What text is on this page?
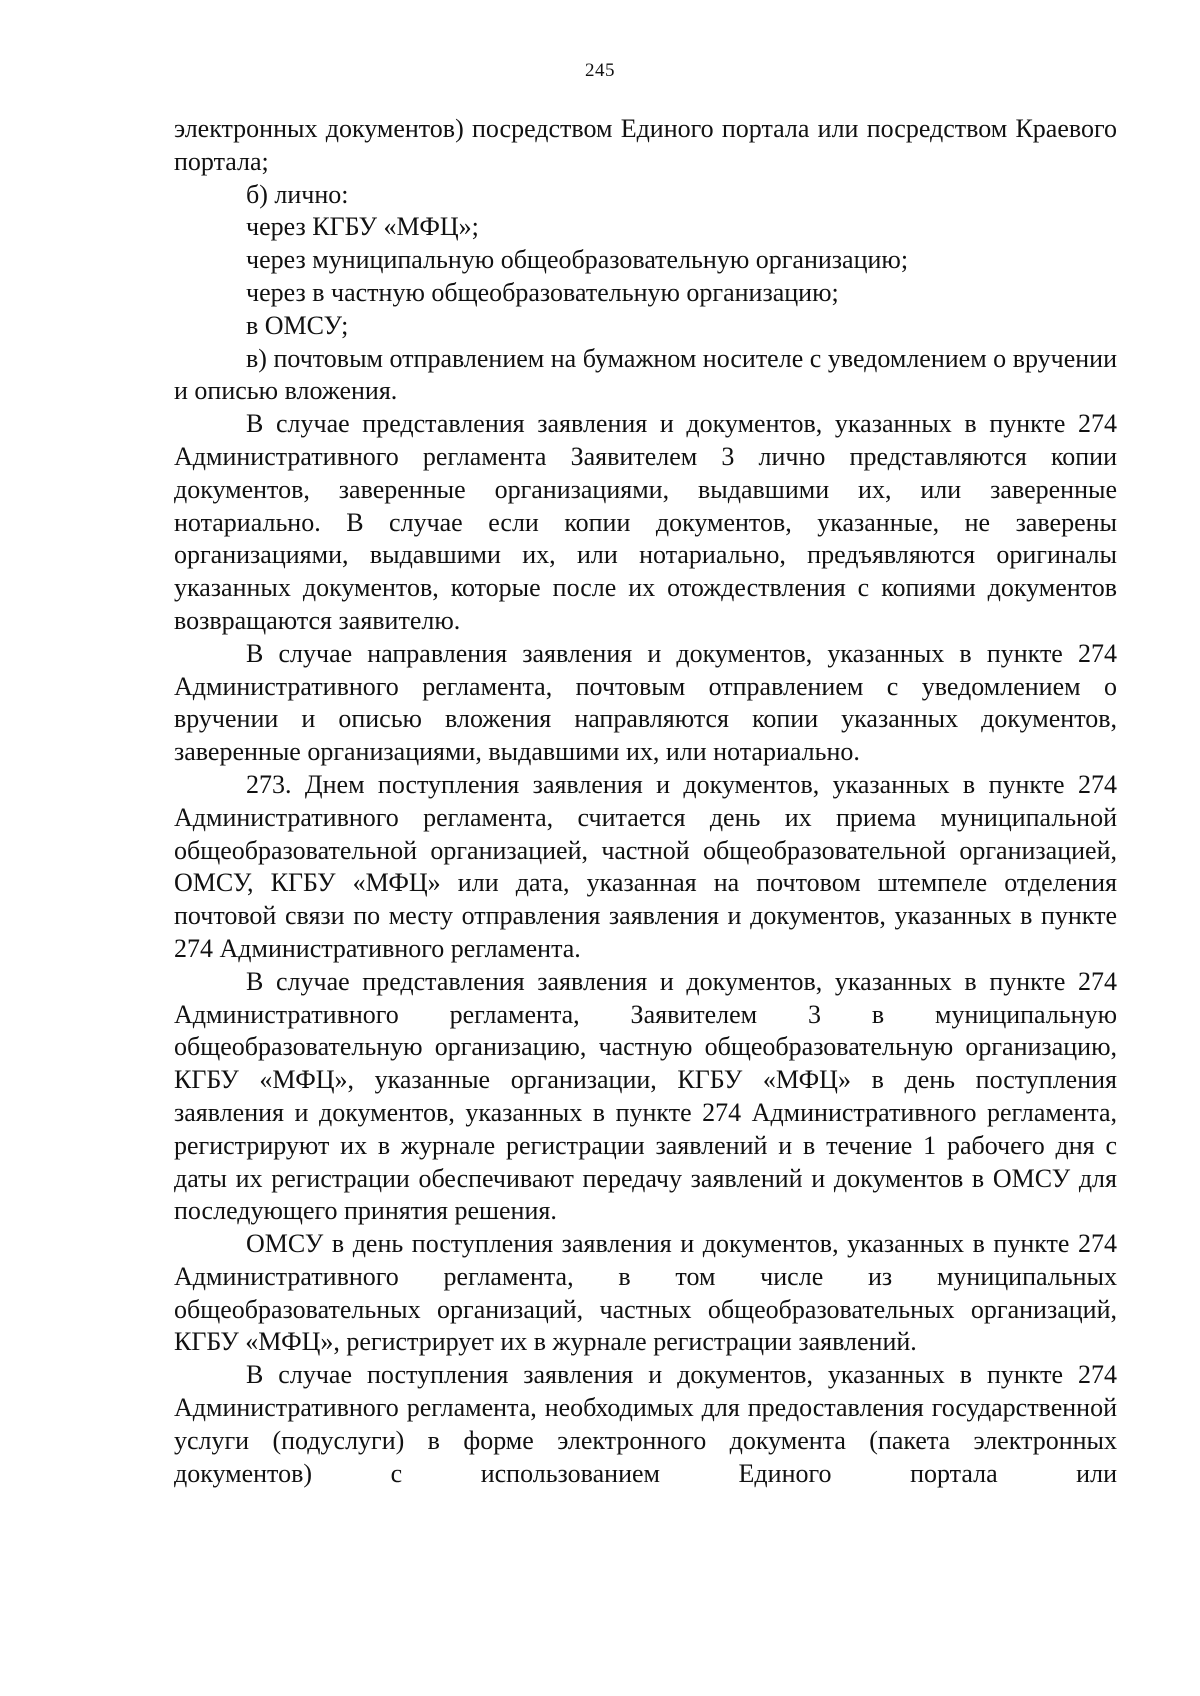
245

электронных документов) посредством Единого портала или посредством Краевого портала;

б) лично:

через КГБУ «МФЦ»;

через муниципальную общеобразовательную организацию;

через в частную общеобразовательную организацию;

в ОМСУ;

в) почтовым отправлением на бумажном носителе с уведомлением о вручении и описью вложения.

В случае представления заявления и документов, указанных в пункте 274 Административного регламента Заявителем 3 лично представляются копии документов, заверенные организациями, выдавшими их, или заверенные нотариально. В случае если копии документов, указанные, не заверены организациями, выдавшими их, или нотариально, предъявляются оригиналы указанных документов, которые после их отождествления с копиями документов возвращаются заявителю.

В случае направления заявления и документов, указанных в пункте 274 Административного регламента, почтовым отправлением с уведомлением о вручении и описью вложения направляются копии указанных документов, заверенные организациями, выдавшими их, или нотариально.

273. Днем поступления заявления и документов, указанных в пункте 274 Административного регламента, считается день их приема муниципальной общеобразовательной организацией, частной общеобразовательной организацией, ОМСУ, КГБУ «МФЦ» или дата, указанная на почтовом штемпеле отделения почтовой связи по месту отправления заявления и документов, указанных в пункте 274 Административного регламента.

В случае представления заявления и документов, указанных в пункте 274 Административного регламента, Заявителем 3 в муниципальную общеобразовательную организацию, частную общеобразовательную организацию, КГБУ «МФЦ», указанные организации, КГБУ «МФЦ» в день поступления заявления и документов, указанных в пункте 274 Административного регламента, регистрируют их в журнале регистрации заявлений и в течение 1 рабочего дня с даты их регистрации обеспечивают передачу заявлений и документов в ОМСУ для последующего принятия решения.

ОМСУ в день поступления заявления и документов, указанных в пункте 274 Административного регламента, в том числе из муниципальных общеобразовательных организаций, частных общеобразовательных организаций, КГБУ «МФЦ», регистрирует их в журнале регистрации заявлений.

В случае поступления заявления и документов, указанных в пункте 274 Административного регламента, необходимых для предоставления государственной услуги (подуслуги) в форме электронного документа (пакета электронных документов) с использованием Единого портала или
